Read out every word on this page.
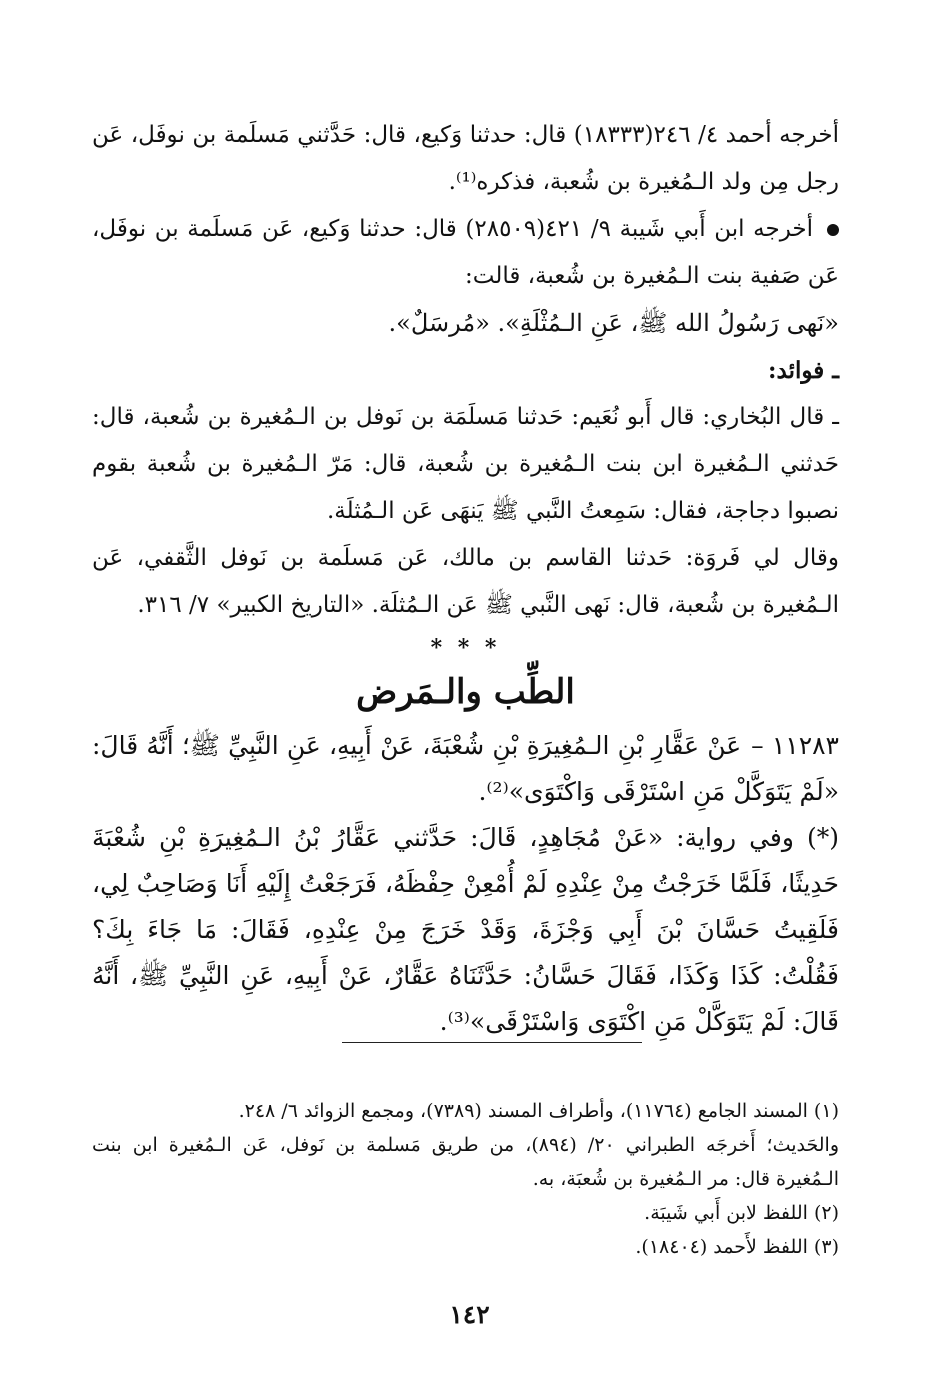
أخرجه أحمد ٤/ ٢٤٦(١٨٣٣٣) قال: حدثنا وَكيع، قال: حَدَّثني مَسلَمة بن نوفَل، عَن رجل مِن ولد الـمُغيرة بن شُعبة، فذكره⁽¹⁾.

أخرجه ابن أَبي شَيبة ٩/ ٤٢١(٢٨٥٠٩) قال: حدثنا وَكيع، عَن مَسلَمة بن نوفَل، عَن صَفية بنت الـمُغيرة بن شُعبة، قالت:

«نَهى رَسُولُ الله ﷺ، عَنِ الـمُثْلَةِ». «مُرسَلٌ».

ـ فوائد:

ـ قال البُخاري: قال أَبو نُعَيم: حَدثنا مَسلَمَة بن نَوفل بن الـمُغيرة بن شُعبة، قال: حَدثني الـمُغيرة ابن بنت الـمُغيرة بن شُعبة، قال: مَرّ الـمُغيرة بن شُعبة بقوم نصبوا دجاجة، فقال: سَمِعتُ النَّبي ﷺ يَنهَى عَن الـمُثلَة.

وقال لي فَروَة: حَدثنا القاسم بن مالك، عَن مَسلَمة بن نَوفل الثَّقفي، عَن الـمُغيرة بن شُعبة، قال: نَهى النَّبي ﷺ عَن الـمُثلَة. «التاريخ الكبير» ٧/ ٣١٦.

* * *

الطِّب والـمَرض

١١٢٨٣ –عَنْ عَقَّارِ بْنِ الـمُغِيرَةِ بْنِ شُعْبَةَ، عَنْ أَبِيهِ، عَنِ النَّبِيِّ ﷺ؛ أَنَّهُ قَالَ: «لَمْ يَتَوَكَّلْ مَنِ اسْتَرْقَى وَاكْتَوَى»⁽²⁾.

(*) وفي رواية: «عَنْ مُجَاهِدٍ، قَالَ: حَدَّثني عَقَّارُ بْنُ الـمُغِيرَةِ بْنِ شُعْبَةَ حَدِيثًا، فَلَمَّا خَرَجْتُ مِنْ عِنْدِهِ لَمْ أُمْعِنْ حِفْظَهُ، فَرَجَعْتُ إِلَيْهِ أَنَا وَصَاحِبٌ لِي، فَلَقِيتُ حَسَّانَ بْنَ أَبِي وَجْزَةَ، وَقَدْ خَرَجَ مِنْ عِنْدِهِ، فَقَالَ: مَا جَاءَ بِكَ؟ فَقُلْتُ: كَذَا وَكَذَا، فَقَالَ حَسَّانُ: حَدَّثَنَاهُ عَقَّارٌ، عَنْ أَبِيهِ، عَنِ النَّبِيِّ ﷺ، أَنَّهُ قَالَ: لَمْ يَتَوَكَّلْ مَنِ اكْتَوَى وَاسْتَرْقَى»⁽³⁾.

(١) المسند الجامع (١١٧٦٤)، وأطراف المسند (٧٣٨٩)، ومجمع الزوائد ٦/ ٢٤٨.

والحَديث؛ أَخرجَه الطبراني ٢٠/ (٨٩٤)، من طريق مَسلمة بن نَوفل، عَن الـمُغيرة ابن بنت الـمُغيرة قال: مر الـمُغيرة بن شُعبَة، به.

(٢) اللفظ لابن أَبي شَيبَة.

(٣) اللفظ لأَحمد (١٨٤٠٤).

١٤٢
